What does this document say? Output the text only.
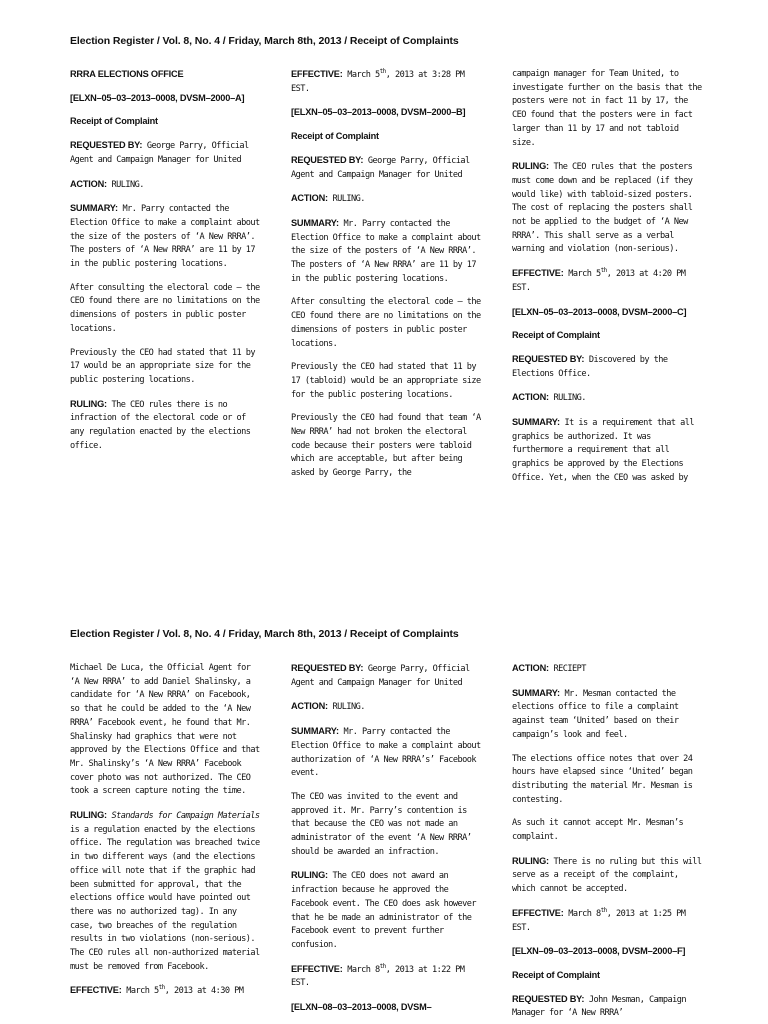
Election Register / Vol. 8, No. 4 / Friday, March 8th, 2013 / Receipt of Complaints

RRRA ELECTIONS OFFICE

[ELXN–05–03–2013–0008, DVSM–2000–A]

Receipt of Complaint

REQUESTED BY: George Parry, Official Agent and Campaign Manager for United

ACTION: RULING.

SUMMARY: Mr. Parry contacted the Election Office to make a complaint about the size of the posters of ‘A New RRRA’. The posters of ‘A New RRRA’ are 11 by 17 in the public postering locations.

After consulting the electoral code – the CEO found there are no limitations on the dimensions of posters in public poster locations.

Previously the CEO had stated that 11 by 17 would be an appropriate size for the public postering locations.

RULING: The CEO rules there is no infraction of the electoral code or of any regulation enacted by the elections office.

EFFECTIVE: March 5th, 2013 at 3:28 PM EST.

[ELXN–05–03–2013–0008, DVSM–2000–B]

Receipt of Complaint

REQUESTED BY: George Parry, Official Agent and Campaign Manager for United

ACTION: RULING.

SUMMARY: Mr. Parry contacted the Election Office to make a complaint about the size of the posters of ‘A New RRRA’. The posters of ‘A New RRRA’ are 11 by 17 in the public postering locations.

After consulting the electoral code – the CEO found there are no limitations on the dimensions of posters in public poster locations.

Previously the CEO had stated that 11 by 17 (tabloid) would be an appropriate size for the public postering locations.

Previously the CEO had found that team ‘A New RRRA’ had not broken the electoral code because their posters were tabloid which are acceptable, but after being asked by George Parry, the

campaign manager for Team United, to investigate further on the basis that the posters were not in fact 11 by 17, the CEO found that the posters were in fact larger than 11 by 17 and not tabloid size.

RULING: The CEO rules that the posters must come down and be replaced (if they would like) with tabloid-sized posters. The cost of replacing the posters shall not be applied to the budget of ‘A New RRRA’. This shall serve as a verbal warning and violation (non-serious).

EFFECTIVE: March 5th, 2013 at 4:20 PM EST.

[ELXN–05–03–2013–0008, DVSM–2000–C]

Receipt of Complaint

REQUESTED BY: Discovered by the Elections Office.

ACTION: RULING.

SUMMARY: It is a requirement that all graphics be authorized. It was furthermore a requirement that all graphics be approved by the Elections Office. Yet, when the CEO was asked by

Election Register / Vol. 8, No. 4 / Friday, March 8th, 2013 / Receipt of Complaints

Michael De Luca, the Official Agent for ‘A New RRRA’ to add Daniel Shalinsky, a candidate for ‘A New RRRA’ on Facebook, so that he could be added to the ‘A New RRRA’ Facebook event, he found that Mr. Shalinsky had graphics that were not approved by the Elections Office and that Mr. Shalinsky’s ‘A New RRRA’ Facebook cover photo was not authorized. The CEO took a screen capture noting the time.

RULING: Standards for Campaign Materials is a regulation enacted by the elections office. The regulation was breached twice in two different ways (and the elections office will note that if the graphic had been submitted for approval, that the elections office would have pointed out there was no authorized tag). In any case, two breaches of the regulation results in two violations (non-serious). The CEO rules all non-authorized material must be removed from Facebook.

EFFECTIVE: March 5th, 2013 at 4:30 PM

REQUESTED BY: George Parry, Official Agent and Campaign Manager for United

ACTION: RULING.

SUMMARY: Mr. Parry contacted the Election Office to make a complaint about authorization of ‘A New RRRA’s’ Facebook event.

The CEO was invited to the event and approved it. Mr. Parry’s contention is that because the CEO was not made an administrator of the event ‘A New RRRA’ should be awarded an infraction.

RULING: The CEO does not award an infraction because he approved the Facebook event. The CEO does ask however that he be made an administrator of the Facebook event to prevent further confusion.

EFFECTIVE: March 8th, 2013 at 1:22 PM EST.

[ELXN–08–03–2013–0008, DVSM–

ACTION: RECIEPT

SUMMARY: Mr. Mesman contacted the elections office to file a complaint against team ‘United’ based on their campaign’s look and feel.

The elections office notes that over 24 hours have elapsed since ‘United’ began distributing the material Mr. Mesman is contesting.

As such it cannot accept Mr. Mesman’s complaint.

RULING: There is no ruling but this will serve as a receipt of the complaint, which cannot be accepted.

EFFECTIVE: March 8th, 2013 at 1:25 PM EST.

[ELXN–09–03–2013–0008, DVSM–2000–F]

Receipt of Complaint

REQUESTED BY: John Mesman, Campaign Manager for ‘A New RRRA’
